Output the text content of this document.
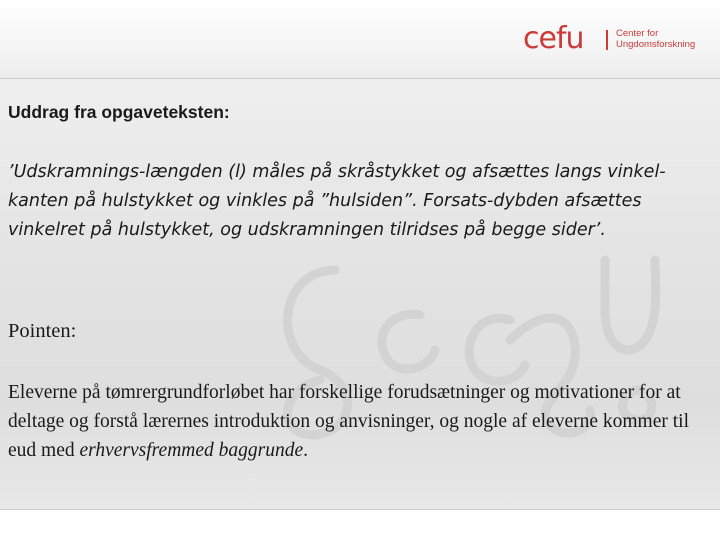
cefu	Center for
Ungdomsforskning
Uddrag fra opgaveteksten:
’Udskramnings-længden (l) måles på skråstykket og afsættes langs vinkel-kanten på hulstykket og vinkles på ”hulsiden”. Forsats-dybden afsættes vinkelret på hulstykket, og udskramningen tilridses på begge sider’.
Pointen:
Eleverne på tømrergrundforløbet har forskellige forudsætninger og motivationer for at deltage og forstå lærernes introduktion og anvisninger, og nogle af eleverne kommer til eud med erhvervsfremmed baggrunde.
